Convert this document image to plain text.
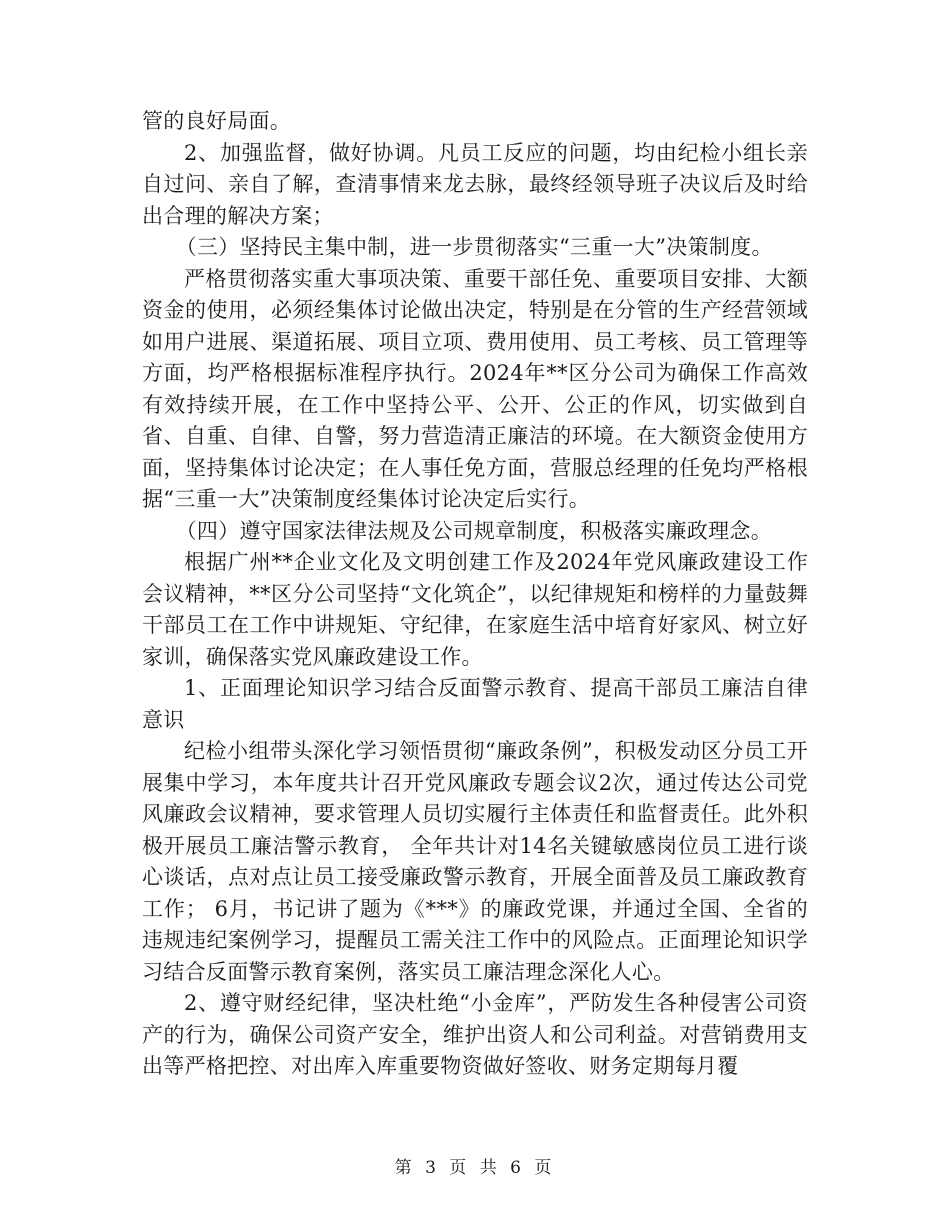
管的良好局面。

2、加强监督，做好协调。凡员工反应的问题，均由纪检小组长亲自过问、亲自了解，查清事情来龙去脉，最终经领导班子决议后及时给出合理的解决方案；

（三）坚持民主集中制，进一步贯彻落实“三重一大”决策制度。

严格贯彻落实重大事项决策、重要干部任免、重要项目安排、大额资金的使用，必须经集体讨论做出决定，特别是在分管的生产经营领域如用户进展、渠道拓展、项目立项、费用使用、员工考核、员工管理等方面，均严格根据标准程序执行。2024年**区分公司为确保工作高效有效持续开展，在工作中坚持公平、公开、公正的作风，切实做到自省、自重、自律、自警，努力营造清正廉洁的环境。在大额资金使用方面，坚持集体讨论决定；在人事任免方面，营服总经理的任免均严格根据“三重一大”决策制度经集体讨论决定后实行。

（四）遵守国家法律法规及公司规章制度，积极落实廉政理念。

根据广州**企业文化及文明创建工作及2024年党风廉政建设工作会议精神，**区分公司坚持“文化筑企”，以纪律规矩和榜样的力量鼓舞干部员工在工作中讲规矩、守纪律，在家庭生活中培育好家风、树立好家训，确保落实党风廉政建设工作。

1、正面理论知识学习结合反面警示教育、提高干部员工廉洁自律意识

纪检小组带头深化学习领悟贯彻“廉政条例”，积极发动区分员工开展集中学习，本年度共计召开党风廉政专题会议2次，通过传达公司党风廉政会议精神，要求管理人员切实履行主体责任和监督责任。此外积极开展员工廉洁警示教育， 全年共计对14名关键敏感岗位员工进行谈心谈话，点对点让员工接受廉政警示教育，开展全面普及员工廉政教育工作； 6月，书记讲了题为《***》的廉政党课，并通过全国、全省的违规违纪案例学习，提醒员工需关注工作中的风险点。正面理论知识学习结合反面警示教育案例，落实员工廉洁理念深化人心。

2、遵守财经纪律，坚决杜绝“小金库”，严防发生各种侵害公司资产的行为，确保公司资产安全，维护出资人和公司利益。对营销费用支出等严格把控、对出库入库重要物资做好签收、财务定期每月覆

第 3 页 共 6 页
